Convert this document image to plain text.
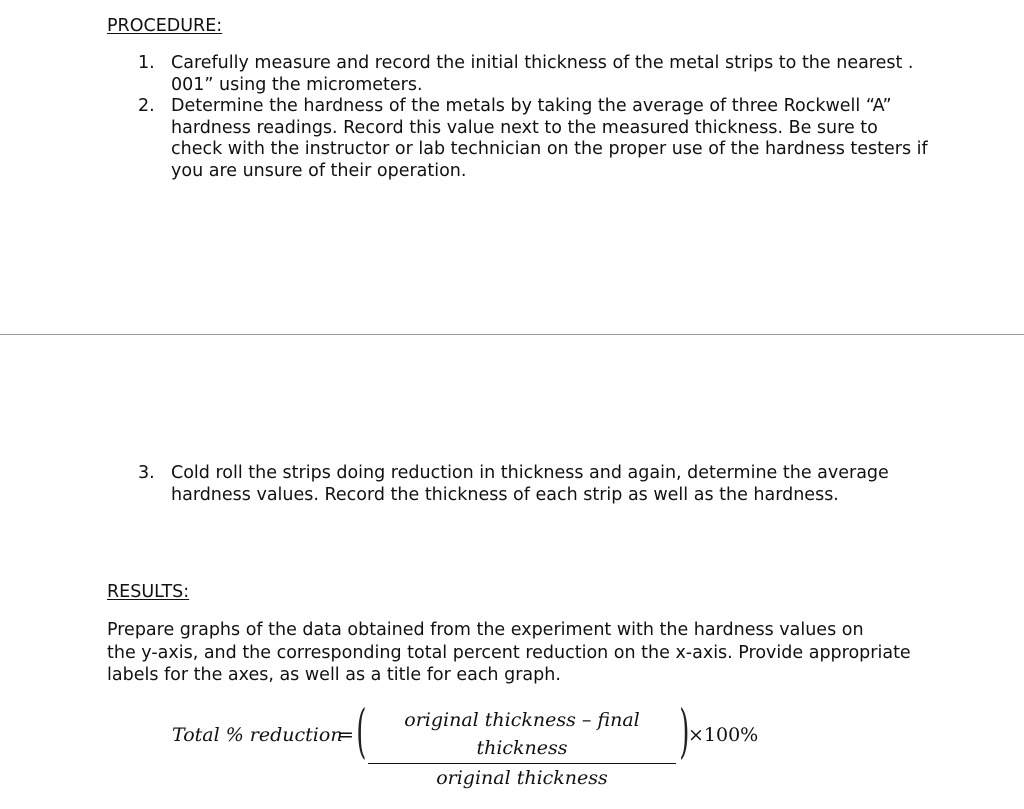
PROCEDURE:
1. Carefully measure and record the initial thickness of the metal strips to the nearest .
001” using the micrometers.
2. Determine the hardness of the metals by taking the average of three Rockwell “A”
hardness readings. Record this value next to the measured thickness. Be sure to
check with the instructor or lab technician on the proper use of the hardness testers if
you are unsure of their operation.
3. Cold roll the strips doing reduction in thickness and again, determine the average
hardness values. Record the thickness of each strip as well as the hardness.
RESULTS:
Prepare graphs of the data obtained from the experiment with the hardness values on
the y-axis, and the corresponding total percent reduction on the x-axis. Provide appropriate
labels for the axes, as well as a title for each graph.
Total % reduction
= (	original thickness – final thickness
original thickness
)
×100%
